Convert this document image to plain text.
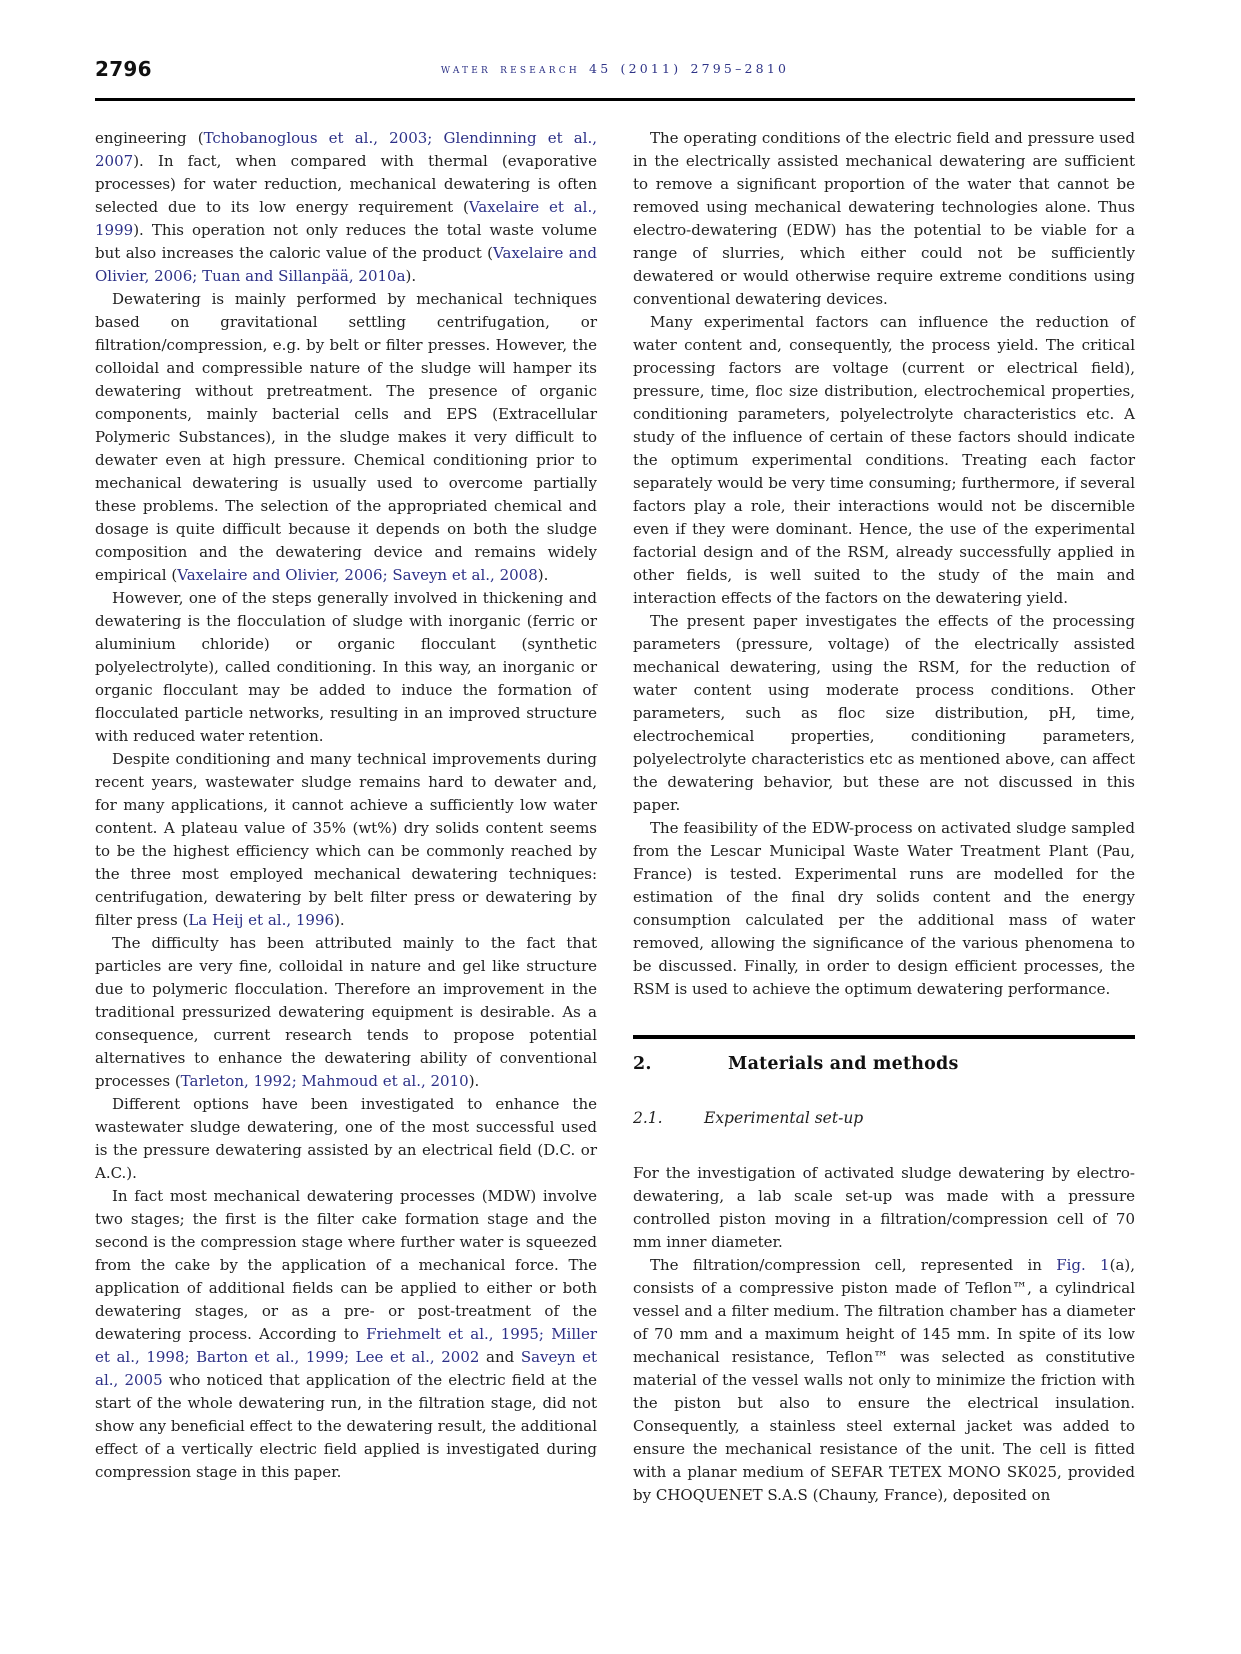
2796	water research 45 (2011) 2795–2810

engineering (Tchobanoglous et al., 2003; Glendinning et al., 2007). In fact, when compared with thermal (evaporative processes) for water reduction, mechanical dewatering is often selected due to its low energy requirement (Vaxelaire et al., 1999). This operation not only reduces the total waste volume but also increases the caloric value of the product (Vaxelaire and Olivier, 2006; Tuan and Sillanpää, 2010a).

Dewatering is mainly performed by mechanical techniques based on gravitational settling centrifugation, or filtration/compression, e.g. by belt or filter presses. However, the colloidal and compressible nature of the sludge will hamper its dewatering without pretreatment. The presence of organic components, mainly bacterial cells and EPS (Extracellular Polymeric Substances), in the sludge makes it very difficult to dewater even at high pressure. Chemical conditioning prior to mechanical dewatering is usually used to overcome partially these problems. The selection of the appropriated chemical and dosage is quite difficult because it depends on both the sludge composition and the dewatering device and remains widely empirical (Vaxelaire and Olivier, 2006; Saveyn et al., 2008).

However, one of the steps generally involved in thickening and dewatering is the flocculation of sludge with inorganic (ferric or aluminium chloride) or organic flocculant (synthetic polyelectrolyte), called conditioning. In this way, an inorganic or organic flocculant may be added to induce the formation of flocculated particle networks, resulting in an improved structure with reduced water retention.

Despite conditioning and many technical improvements during recent years, wastewater sludge remains hard to dewater and, for many applications, it cannot achieve a sufficiently low water content. A plateau value of 35% (wt%) dry solids content seems to be the highest efficiency which can be commonly reached by the three most employed mechanical dewatering techniques: centrifugation, dewatering by belt filter press or dewatering by filter press (La Heij et al., 1996).

The difficulty has been attributed mainly to the fact that particles are very fine, colloidal in nature and gel like structure due to polymeric flocculation. Therefore an improvement in the traditional pressurized dewatering equipment is desirable. As a consequence, current research tends to propose potential alternatives to enhance the dewatering ability of conventional processes (Tarleton, 1992; Mahmoud et al., 2010).

Different options have been investigated to enhance the wastewater sludge dewatering, one of the most successful used is the pressure dewatering assisted by an electrical field (D.C. or A.C.).

In fact most mechanical dewatering processes (MDW) involve two stages; the first is the filter cake formation stage and the second is the compression stage where further water is squeezed from the cake by the application of a mechanical force. The application of additional fields can be applied to either or both dewatering stages, or as a pre- or post-treatment of the dewatering process. According to Friehmelt et al., 1995; Miller et al., 1998; Barton et al., 1999; Lee et al., 2002 and Saveyn et al., 2005 who noticed that application of the electric field at the start of the whole dewatering run, in the filtration stage, did not show any beneficial effect to the dewatering result, the additional effect of a vertically electric field applied is investigated during compression stage in this paper.

The operating conditions of the electric field and pressure used in the electrically assisted mechanical dewatering are sufficient to remove a significant proportion of the water that cannot be removed using mechanical dewatering technologies alone. Thus electro-dewatering (EDW) has the potential to be viable for a range of slurries, which either could not be sufficiently dewatered or would otherwise require extreme conditions using conventional dewatering devices.

Many experimental factors can influence the reduction of water content and, consequently, the process yield. The critical processing factors are voltage (current or electrical field), pressure, time, floc size distribution, electrochemical properties, conditioning parameters, polyelectrolyte characteristics etc. A study of the influence of certain of these factors should indicate the optimum experimental conditions. Treating each factor separately would be very time consuming; furthermore, if several factors play a role, their interactions would not be discernible even if they were dominant. Hence, the use of the experimental factorial design and of the RSM, already successfully applied in other fields, is well suited to the study of the main and interaction effects of the factors on the dewatering yield.

The present paper investigates the effects of the processing parameters (pressure, voltage) of the electrically assisted mechanical dewatering, using the RSM, for the reduction of water content using moderate process conditions. Other parameters, such as floc size distribution, pH, time, electrochemical properties, conditioning parameters, polyelectrolyte characteristics etc as mentioned above, can affect the dewatering behavior, but these are not discussed in this paper.

The feasibility of the EDW-process on activated sludge sampled from the Lescar Municipal Waste Water Treatment Plant (Pau, France) is tested. Experimental runs are modelled for the estimation of the final dry solids content and the energy consumption calculated per the additional mass of water removed, allowing the significance of the various phenomena to be discussed. Finally, in order to design efficient processes, the RSM is used to achieve the optimum dewatering performance.

2.	Materials and methods
2.1.	Experimental set-up

For the investigation of activated sludge dewatering by electro-dewatering, a lab scale set-up was made with a pressure controlled piston moving in a filtration/compression cell of 70 mm inner diameter.

The filtration/compression cell, represented in Fig. 1(a), consists of a compressive piston made of Teflon™, a cylindrical vessel and a filter medium. The filtration chamber has a diameter of 70 mm and a maximum height of 145 mm. In spite of its low mechanical resistance, Teflon™ was selected as constitutive material of the vessel walls not only to minimize the friction with the piston but also to ensure the electrical insulation. Consequently, a stainless steel external jacket was added to ensure the mechanical resistance of the unit. The cell is fitted with a planar medium of SEFAR TETEX MONO SK025, provided by CHOQUENET S.A.S (Chauny, France), deposited on
